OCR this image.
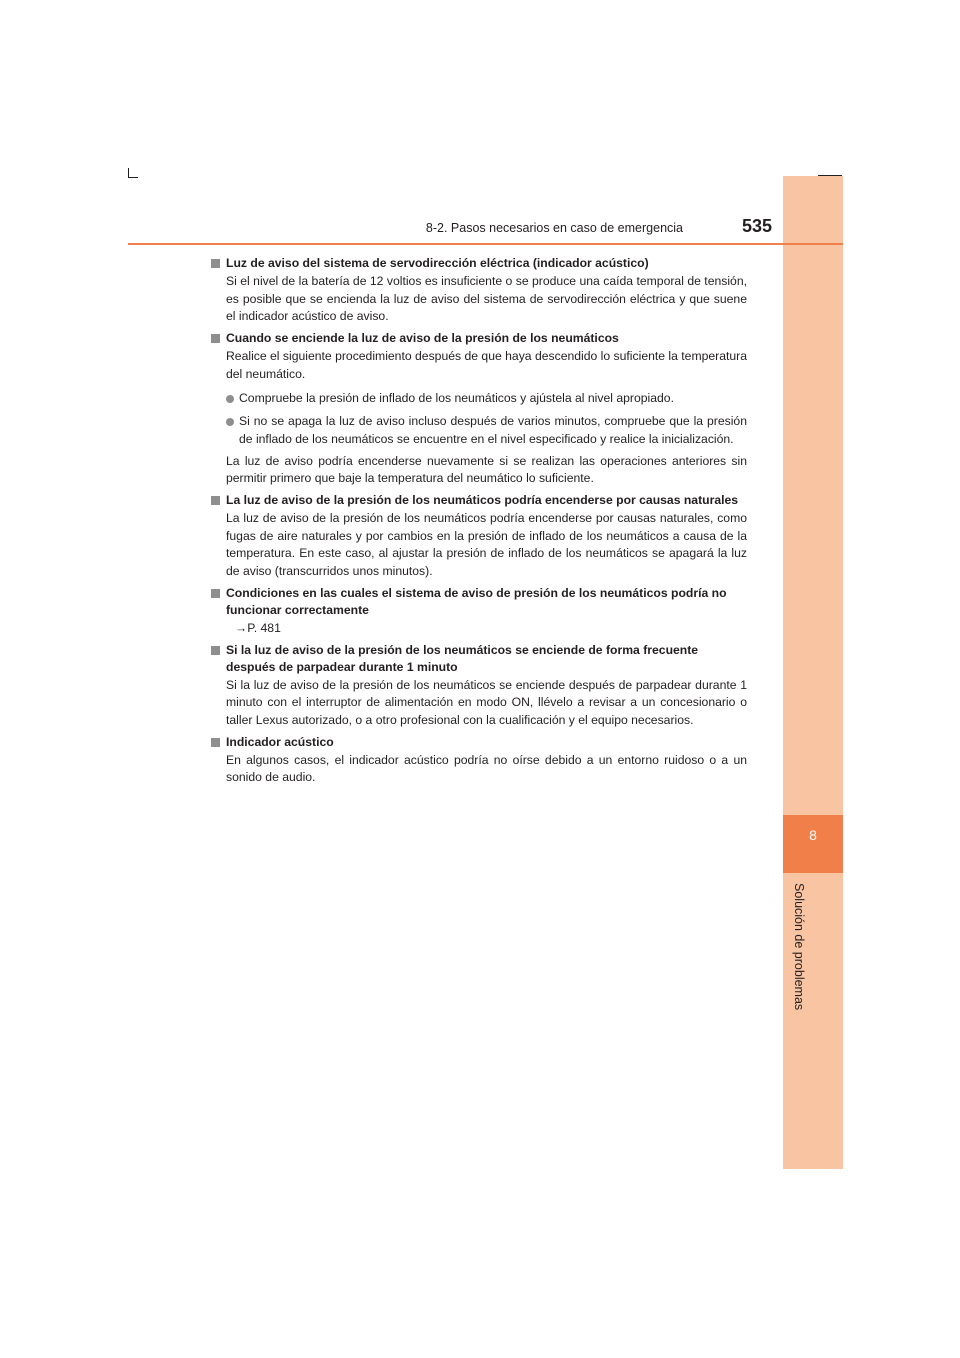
8
Solución de problemas
8-2. Pasos necesarios en caso de emergencia	535
Luz de aviso del sistema de servodirección eléctrica (indicador acústico)

Si el nivel de la batería de 12 voltios es insuficiente o se produce una caída temporal de tensión, es posible que se encienda la luz de aviso del sistema de servodirección eléctrica y que suene el indicador acústico de aviso.

Cuando se enciende la luz de aviso de la presión de los neumáticos

Realice el siguiente procedimiento después de que haya descendido lo suficiente la temperatura del neumático.

Compruebe la presión de inflado de los neumáticos y ajústela al nivel apropiado.

Si no se apaga la luz de aviso incluso después de varios minutos, compruebe que la presión de inflado de los neumáticos se encuentre en el nivel especificado y realice la inicialización.

La luz de aviso podría encenderse nuevamente si se realizan las operaciones anteriores sin permitir primero que baje la temperatura del neumático lo suficiente.

La luz de aviso de la presión de los neumáticos podría encenderse por causas naturales

La luz de aviso de la presión de los neumáticos podría encenderse por causas naturales, como fugas de aire naturales y por cambios en la presión de inflado de los neumáticos a causa de la temperatura. En este caso, al ajustar la presión de inflado de los neumáticos se apagará la luz de aviso (transcurridos unos minutos).

Condiciones en las cuales el sistema de aviso de presión de los neumáticos podría no funcionar correctamente

→P. 481

Si la luz de aviso de la presión de los neumáticos se enciende de forma frecuente después de parpadear durante 1 minuto

Si la luz de aviso de la presión de los neumáticos se enciende después de parpadear durante 1 minuto con el interruptor de alimentación en modo ON, llévelo a revisar a un concesionario o taller Lexus autorizado, o a otro profesional con la cualificación y el equipo necesarios.

Indicador acústico

En algunos casos, el indicador acústico podría no oírse debido a un entorno ruidoso o a un sonido de audio.
